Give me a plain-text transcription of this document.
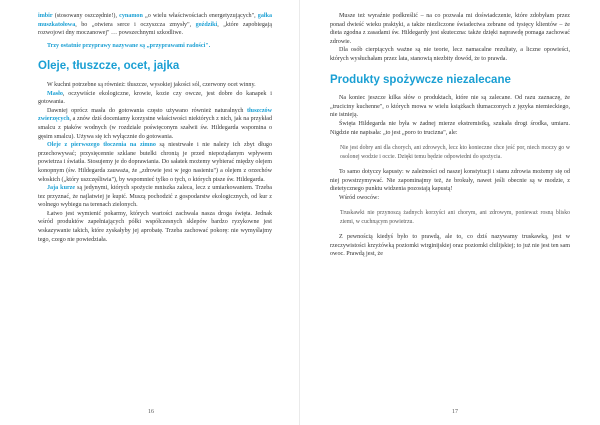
imbir (stosowany oszczędnie!), cynamon „o wielu właściwościach energetyzujących", gałka muszkatołowa, bo „otwiera serce i oczyszcza zmysły", goździki, „które zapobiegają rozwojowi dny moczanowej" … powszechnymi szkodliwe.

Trzy ostatnie przyprawy nazywane są „przyprawami radości".

Oleje, tłuszcze, ocet, jajka

W kuchni potrzebne są również: tłuszcze, wysokiej jakości sól, czerwony ocet winny.

Masło, oczywiście ekologiczne, krowie, kozie czy owcze, jest dobre do kanapek i gotowania.

Dawniej oprócz masła do gotowania często używano również naturalnych tłuszczów zwierzęcych, a znów dziś doceniamy korzystne właściwości niektórych z nich, jak na przykład smalcu z ptaków wodnych (w rozdziale poświęconym szałwii św. Hildegarda wspomina o gęsim smalcu). Używa się ich wyłącznie do gotowania.

Oleje z pierwszego tłoczenia na zimno są niestrwałe i nie należy ich zbyt długo przechowywać; przysięcennie szklane butelki chronią je przed niepożądanym wpływem powietrza i światła. Stosujemy je do doprawiania. Do sałatek możemy wybierać między olejem konopnym (św. Hildegarda zauważa, że „zdrowie jest w jego nasieniu") a olejem z orzechów włoskich („który uszczęśliwia"), by wspomnieć tylko o tych, o których pisze św. Hildegarda.

Jaja kurze są jedynymi, których spożycie mniszka zaleca, lecz z umiarkowaniem. Trzeba tez przyznać, że najlatwiej je kupić. Muszą pochodzić z gospodarstw ekologicznych, od kur z wolnego wybiegu na terenach zielonych.

Łatwo jest wymienić pokarmy, których wartości zachwala nasza droga święta. Jednak wśród produktów zapełniających półki współczesnych sklepów bardzo ryzykowne jest wskazywanie takich, które zyskałyby jej aprobatę. Trzeba zachować pokorę: nie wymyślajmy tego, czego nie powiedziała.

16

Musze też wyraźnie podkreślić – na co pozwala mi doświadczenie, które zdobyłam przez ponad dwieść wieku praktyki, a także niezliczone świadectwa zebrane od tysięcy klientów – że dieta zgodna z zasadami św. Hildegardy jest skuteczna: także dzięki naprawdę pomaga zachować zdrowie.

Dla osób cierpiących ważne są nie teorie, lecz namacalne rezultaty, a liczne opowieści, których wysłuchałam przez lata, stanowią niezbity dowód, że to prawda.

Produkty spożywcze niezalecane

Na koniec jeszcze kilka słów o produktach, które nie są zalecane. Od razu zaznaczę, że „truciciny kuchenne", o których mowa w wielu książkach tłumaczonych z języka niemieckiego, nie istnieją.

Święta Hildegarda nie była w żadnej mierze ekstremistką, szukała drogi środka, umiaru. Nigdzie nie napisała: „to jest „poro to trucizna", ale:

Nie jest dobry ani dla chorych, ani zdrowych, lecz kto konieczne chce jeść por, niech moczy go w osolonej wodzie i occie. Dzięki temu będzie odpowiedni do spożycia.

To samo dotyczy kapusty: w zależności od naszej konstytucji i stanu zdrowia możemy się od niej powstrzymywać. Nie zapominajmy też, że brokuły, nawet jeśli obecnie są w modzie, z dietetycznego punktu widzenia pozostają kapustą!

Wśród owoców:

Truskawki nie przynoszą żadnych korzyści ani chorym, ani zdrowym, ponieważ rosną blisko ziemi, w cuchnącym powietrzu.

Z pewnością kiedyś było to prawdą, ale to, co dziś nazywamy truskawką, jest w rzeczywistości krzyżówką poziomki wirginijskiej oraz poziomki chilijskiej; to już nie jest ten sam owoc. Prawdą jest, że

17
